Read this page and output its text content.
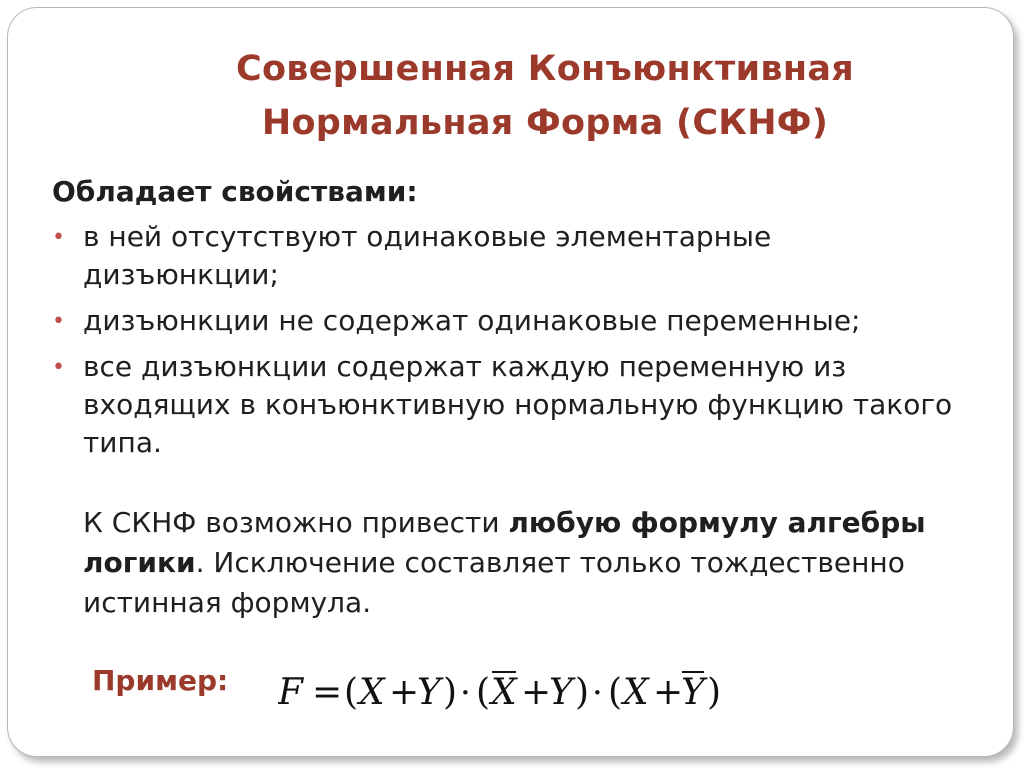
Совершенная Конъюнктивная
Нормальная Форма (СКНФ)
Обладает свойствами:
• в ней отсутствуют одинаковые элементарные дизъюнкции;
• дизъюнкции не содержат одинаковые переменные;
• все дизъюнкции содержат каждую переменную из входящих в конъюнктивную нормальную функцию такого типа.

К СКНФ возможно привести любую формулу алгебры логики. Исключение составляет только тождественно истинная формула.

Пример: F = ( X +
Y ) · ( X +
Y ) · ( X +
Y )
